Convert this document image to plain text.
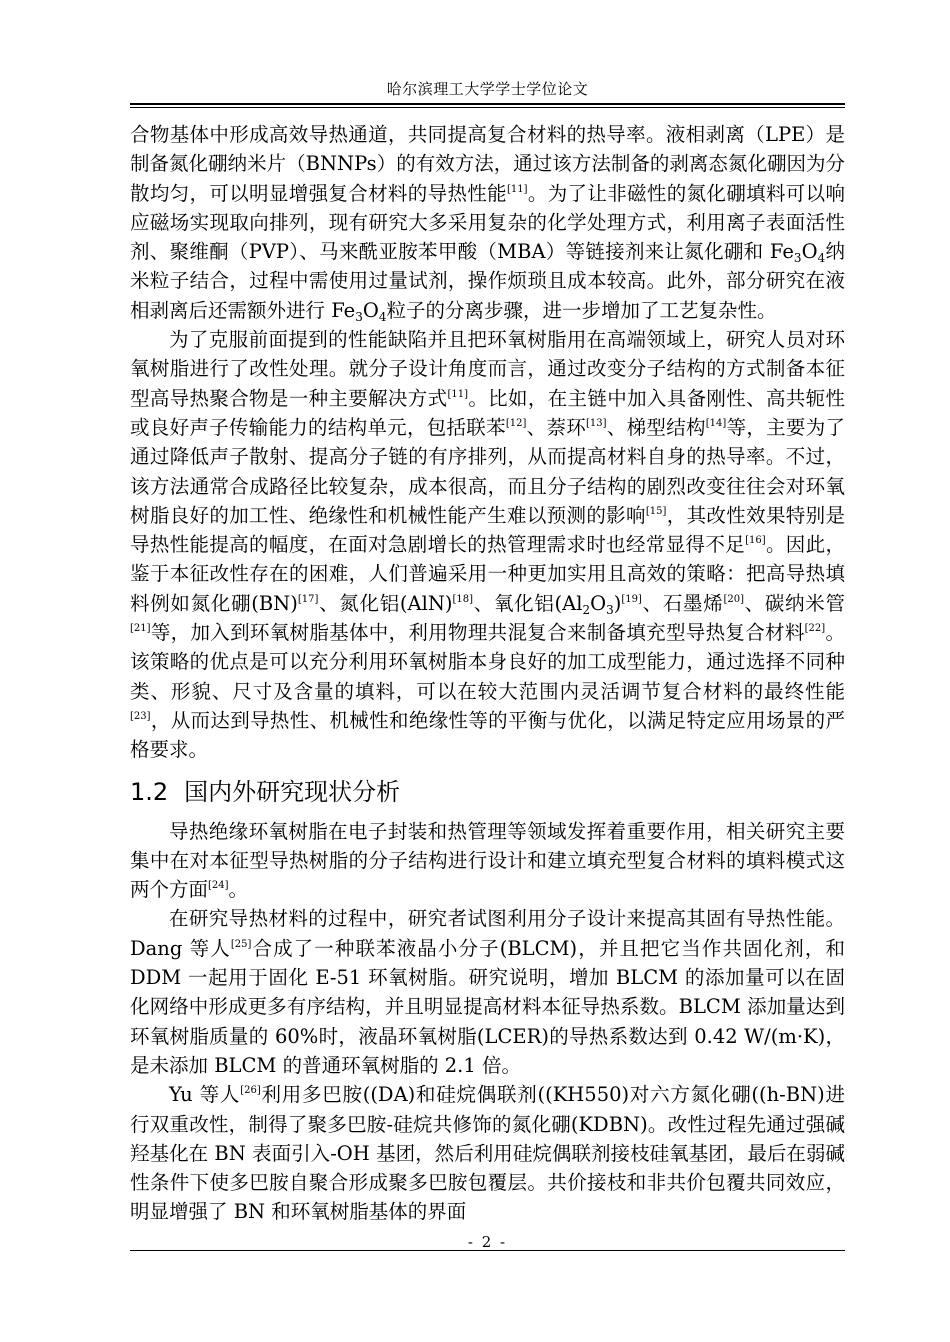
哈尔滨理工大学学士学位论文

合物基体中形成高效导热通道，共同提高复合材料的热导率。液相剥离（LPE）是制备氮化硼纳米片（BNNPs）的有效方法，通过该方法制备的剥离态氮化硼因为分散均匀，可以明显增强复合材料的导热性能[11]。为了让非磁性的氮化硼填料可以响应磁场实现取向排列，现有研究大多采用复杂的化学处理方式，利用离子表面活性剂、聚维酮（PVP）、马来酰亚胺苯甲酸（MBA）等链接剂来让氮化硼和 $Fe_3O_4$纳米粒子结合，过程中需使用过量试剂，操作烦琐且成本较高。此外，部分研究在液相剥离后还需额外进行 $Fe_3O_4$粒子的分离步骤，进一步增加了工艺复杂性。

为了克服前面提到的性能缺陷并且把环氧树脂用在高端领域上，研究人员对环氧树脂进行了改性处理。就分子设计角度而言，通过改变分子结构的方式制备本征型高导热聚合物是一种主要解决方式[11]。比如，在主链中加入具备刚性、高共轭性或良好声子传输能力的结构单元，包括联苯[12]、萘环[13]、梯型结构[14]等，主要为了通过降低声子散射、提高分子链的有序排列，从而提高材料自身的热导率。不过，该方法通常合成路径比较复杂，成本很高，而且分子结构的剧烈改变往往会对环氧树脂良好的加工性、绝缘性和机械性能产生难以预测的影响[15]，其改性效果特别是导热性能提高的幅度，在面对急剧增长的热管理需求时也经常显得不足[16]。因此，鉴于本征改性存在的困难，人们普遍采用一种更加实用且高效的策略：把高导热填料例如氮化硼(BN)[17]、氮化铝(AlN)[18]、氧化铝$(Al_2O_3)[19]$、石墨烯[20]、碳纳米管[21]等，加入到环氧树脂基体中，利用物理共混复合来制备填充型导热复合材料[22]。该策略的优点是可以充分利用环氧树脂本身良好的加工成型能力，通过选择不同种类、形貌、尺寸及含量的填料，可以在较大范围内灵活调节复合材料的最终性能[23]，从而达到导热性、机械性和绝缘性等的平衡与优化，以满足特定应用场景的严格要求。

1.2 国内外研究现状分析

导热绝缘环氧树脂在电子封装和热管理等领域发挥着重要作用，相关研究主要集中在对本征型导热树脂的分子结构进行设计和建立填充型复合材料的填料模式这两个方面[24]。

在研究导热材料的过程中，研究者试图利用分子设计来提高其固有导热性能。Dang 等人[25]合成了一种联苯液晶小分子(BLCM)，并且把它当作共固化剂，和 DDM 一起用于固化 E-51 环氧树脂。研究说明，增加 BLCM 的添加量可以在固化网络中形成更多有序结构，并且明显提高材料本征导热系数。BLCM 添加量达到环氧树脂质量的 60%时，液晶环氧树脂(LCER)的导热系数达到 0.42 W/(m·K)，是未添加 BLCM 的普通环氧树脂的 2.1 倍。

Yu 等人[26]利用多巴胺((DA)和硅烷偶联剂((KH550)对六方氮化硼((h-BN)进行双重改性，制得了聚多巴胺-硅烷共修饰的氮化硼(KDBN)。改性过程先通过强碱羟基化在 BN 表面引入-OH 基团，然后利用硅烷偶联剂接枝硅氧基团，最后在弱碱性条件下使多巴胺自聚合形成聚多巴胺包覆层。共价接枝和非共价包覆共同效应，明显增强了 BN 和环氧树脂基体的界面

- 2 -
